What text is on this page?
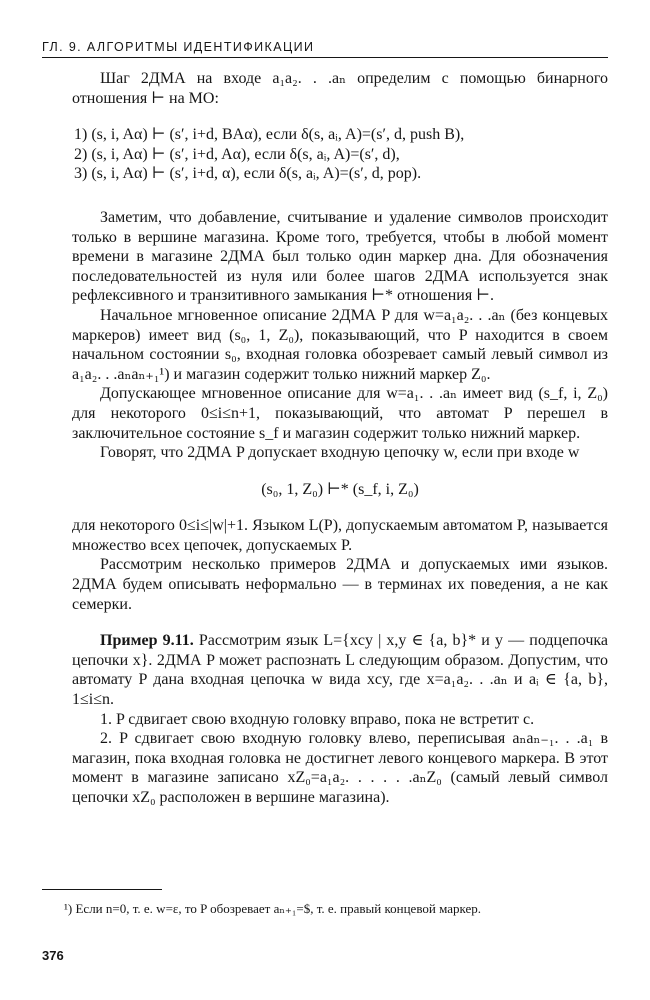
ГЛ. 9. АЛГОРИТМЫ ИДЕНТИФИКАЦИИ

Шаг 2ДМА на входе a₁a₂. . .aₙ определим с помощью бинарного отношения ⊢ на МО:

1) (s, i, Aα) ⊢ (s′, i+d, BAα), если δ(s, aᵢ, A)=(s′, d, push B),
2) (s, i, Aα) ⊢ (s′, i+d, Aα), если δ(s, aᵢ, A)=(s′, d),
3) (s, i, Aα) ⊢ (s′, i+d, α), если δ(s, aᵢ, A)=(s′, d, pop).

Заметим, что добавление, считывание и удаление символов происходит только в вершине магазина. Кроме того, требуется, чтобы в любой момент времени в магазине 2ДМА был только один маркер дна. Для обозначения последовательностей из нуля или более шагов 2ДМА используется знак рефлексивного и транзитивного замыкания ⊢* отношения ⊢.

Начальное мгновенное описание 2ДМА P для w=a₁a₂. . .aₙ (без концевых маркеров) имеет вид (s₀, 1, Z₀), показывающий, что P находится в своем начальном состоянии s₀, входная головка обозревает самый левый символ из a₁a₂. . .aₙaₙ₊₁¹) и магазин содержит только нижний маркер Z₀.

Допускающее мгновенное описание для w=a₁. . .aₙ имеет вид (s_f, i, Z₀) для некоторого 0≤i≤n+1, показывающий, что автомат P перешел в заключительное состояние s_f и магазин содержит только нижний маркер.

Говорят, что 2ДМА P допускает входную цепочку w, если при входе w

(s₀, 1, Z₀) ⊢* (s_f, i, Z₀)

для некоторого 0≤i≤|w|+1. Языком L(P), допускаемым автоматом P, называется множество всех цепочек, допускаемых P.

Рассмотрим несколько примеров 2ДМА и допускаемых ими языков. 2ДМА будем описывать неформально — в терминах их поведения, а не как семерки.

Пример 9.11. Рассмотрим язык L={xcy | x,y ∈ {a, b}* и y — подцепочка цепочки x}. 2ДМА P может распознать L следующим образом. Допустим, что автомату P дана входная цепочка w вида xcy, где x=a₁a₂. . .aₙ и aᵢ ∈ {a, b}, 1≤i≤n.

1. P сдвигает свою входную головку вправо, пока не встретит c.

2. P сдвигает свою входную головку влево, переписывая aₙaₙ₋₁. . .a₁ в магазин, пока входная головка не достигнет левого концевого маркера. В этот момент в магазине записано xZ₀=a₁a₂. . . . . .aₙZ₀ (самый левый символ цепочки xZ₀ расположен в вершине магазина).

¹) Если n=0, т. е. w=ε, то P обозревает aₙ₊₁=$, т. е. правый концевой маркер.

376
